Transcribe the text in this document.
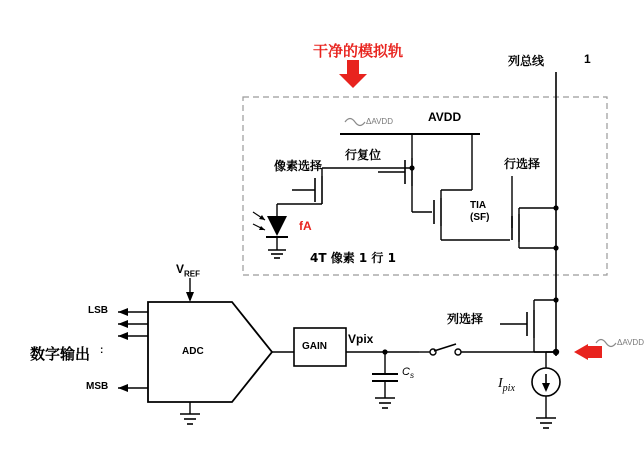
干净的模拟轨
列总线	1
AVDD
ΔAVDD
ΔAVDD
像素选择
行复位
行选择
列选择
TIA
(SF)
fA
4T 像素 1 行 1
数字输出
$V_{REF}$
LSB
:
MSB
ADC	GAIN
Vpix
$C_s$
$I_{pix}$
